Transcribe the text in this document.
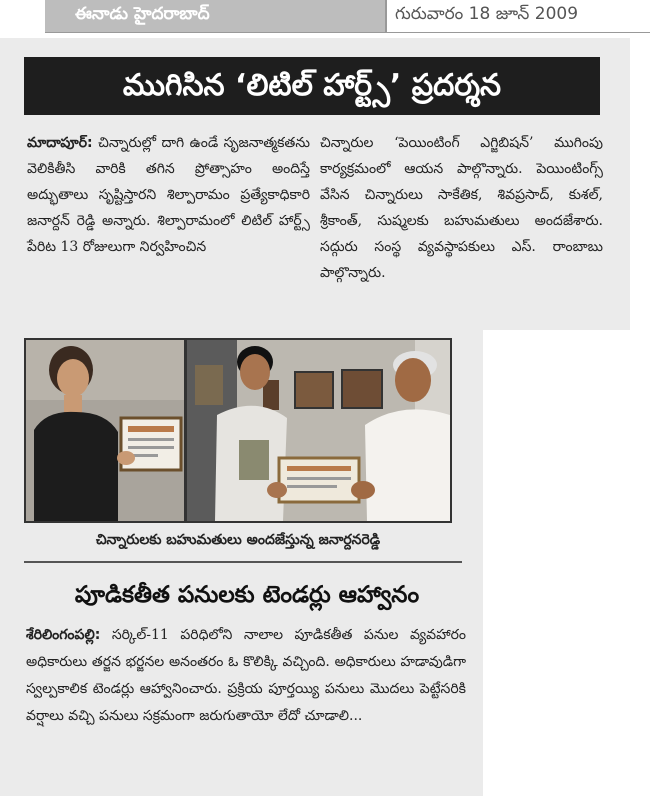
ఈనాడు హైదరాబాద్	గురువారం 18 జూన్ 2009
ముగిసిన ‘లిటిల్ హార్ట్స్’ ప్రదర్శన
మాదాపూర్: చిన్నారుల్లో దాగి ఉండే సృజనాత్మకతను వెలికితీసి వారికి తగిన ప్రోత్సాహం అందిస్తే అద్భుతాలు సృష్టిస్తారని శిల్పారామం ప్రత్యేకాధికారి జనార్దన్ రెడ్డి అన్నారు. శిల్పారామంలో లిటిల్ హార్ట్స్ పేరిట 13 రోజులుగా నిర్వహించిన
చిన్నారుల ‘పెయింటింగ్ ఎగ్జిబిషన్’ ముగింపు కార్యక్రమంలో ఆయన పాల్గొన్నారు. పెయింటింగ్స్ వేసిన చిన్నారులు సాకేతిక, శివప్రసాద్, కుశల్, శ్రీకాంత్, సుష్మలకు బహుమతులు అందజేశారు. సద్గురు సంస్థ వ్యవస్థాపకులు ఎస్. రాంబాబు పాల్గొన్నారు.
చిన్నారులకు బహుమతులు అందజేస్తున్న జనార్దనరెడ్డి
పూడికతీత పనులకు టెండర్లు ఆహ్వానం
శేరిలింగంపల్లి: సర్కిల్-11 పరిధిలోని నాలాల పూడికతీత పనుల వ్యవహారం అధికారులు తర్జన భర్జనల అనంతరం ఓ కొలిక్కి వచ్చింది. అధికారులు హడావుడిగా స్వల్పకాలిక టెండర్లు ఆహ్వానించారు. ప్రక్రియ పూర్తయ్యి పనులు మొదలు పెట్టేసరికి వర్షాలు వచ్చి పనులు సక్రమంగా జరుగుతాయో లేదో చూడాలి...
